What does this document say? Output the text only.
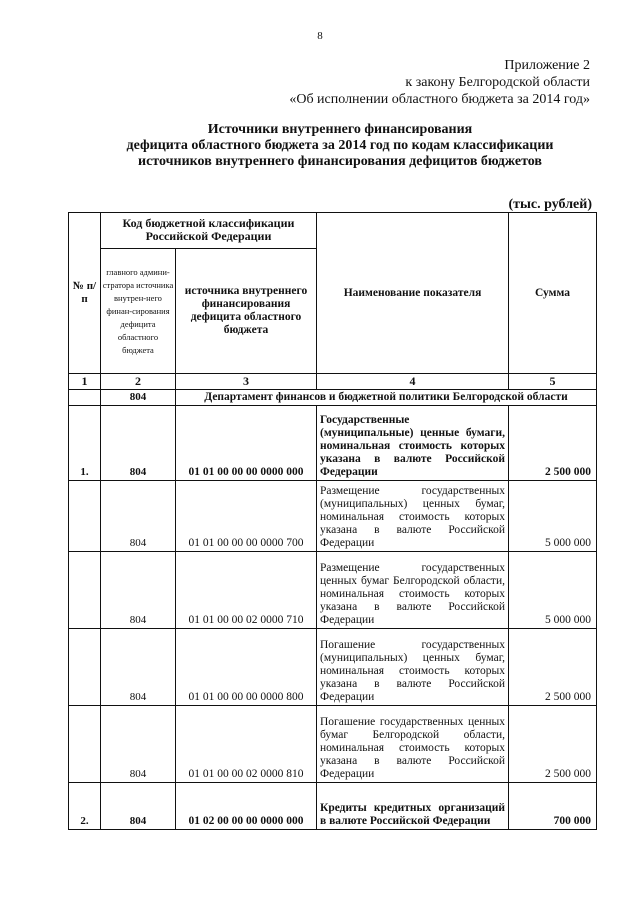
8
Приложение 2
к закону Белгородской области
«Об исполнении областного бюджета за 2014 год»
Источники внутреннего финансирования
дефицита областного бюджета за 2014 год по кодам классификации
источников внутреннего финансирования дефицитов бюджетов
(тыс. рублей)
№ п/п	Код бюджетной классификации Российской Федерации		Наименование показателя	Сумма
	главного админи-стратора источника внутрен-него финан-сирования дефицита областного бюджета	источника внутреннего финансирования дефицита областного бюджета		
1	2	3	4	5
	804	Департамент финансов и бюджетной политики Белгородской области		
1.	804	01 01 00 00 00 0000 000	Государственные (муниципальные) ценные бумаги, номинальная стоимость которых указана в валюте Российской Федерации	2 500 000
	804	01 01 00 00 00 0000 700	Размещение государственных (муниципальных) ценных бумаг, номинальная стоимость которых указана в валюте Российской Федерации	5 000 000
	804	01 01 00 00 02 0000 710	Размещение государственных ценных бумаг Белгородской области, номинальная стоимость которых указана в валюте Российской Федерации	5 000 000
	804	01 01 00 00 00 0000 800	Погашение государственных (муниципальных) ценных бумаг, номинальная стоимость которых указана в валюте Российской Федерации	2 500 000
	804	01 01 00 00 02 0000 810	Погашение государственных ценных бумаг Белгородской области, номинальная стоимость которых указана в валюте Российской Федерации	2 500 000
2.	804	01 02 00 00 00 0000 000	Кредиты кредитных организаций в валюте Российской Федерации	700 000
